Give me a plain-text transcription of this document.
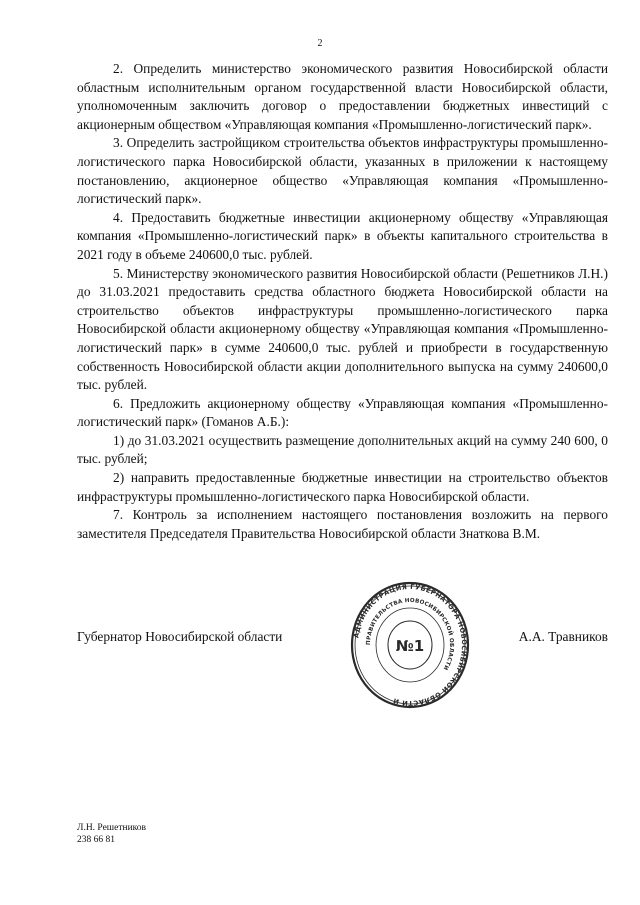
2

2. Определить министерство экономического развития Новосибирской области областным исполнительным органом государственной власти Новосибирской области, уполномоченным заключить договор о предоставлении бюджетных инвестиций с акционерным обществом «Управляющая компания «Промышленно-логистический парк».

3. Определить застройщиком строительства объектов инфраструктуры промышленно-логистического парка Новосибирской области, указанных в приложении к настоящему постановлению, акционерное общество «Управляющая компания «Промышленно-логистический парк».

4. Предоставить бюджетные инвестиции акционерному обществу «Управляющая компания «Промышленно-логистический парк» в объекты капитального строительства в 2021 году в объеме 240600,0 тыс. рублей.

5. Министерству экономического развития Новосибирской области (Решетников Л.Н.) до 31.03.2021 предоставить средства областного бюджета Новосибирской области на строительство объектов инфраструктуры промышленно-логистического парка Новосибирской области акционерному обществу «Управляющая компания «Промышленно-логистический парк» в сумме 240600,0 тыс. рублей и приобрести в государственную собственность Новосибирской области акции дополнительного выпуска на сумму 240600,0 тыс. рублей.

6. Предложить акционерному обществу «Управляющая компания «Промышленно-логистический парк» (Гоманов А.Б.):

1) до 31.03.2021 осуществить размещение дополнительных акций на сумму 240 600, 0 тыс. рублей;

2) направить предоставленные бюджетные инвестиции на строительство объектов инфраструктуры промышленно-логистического парка Новосибирской области.

7. Контроль за исполнением настоящего постановления возложить на первого заместителя Председателя Правительства Новосибирской области Знаткова В.М.

АДМИНИСТРАЦИЯ ГУБЕРНАТОРА НОВОСИБИРСКОЙ ОБЛАСТИ И
ПРАВИТЕЛЬСТВА НОВОСИБИРСКОЙ ОБЛАСТИ
№1
Губернатор Новосибирской области	А.А. Травников
Л.Н. Решетников
238 66 81
